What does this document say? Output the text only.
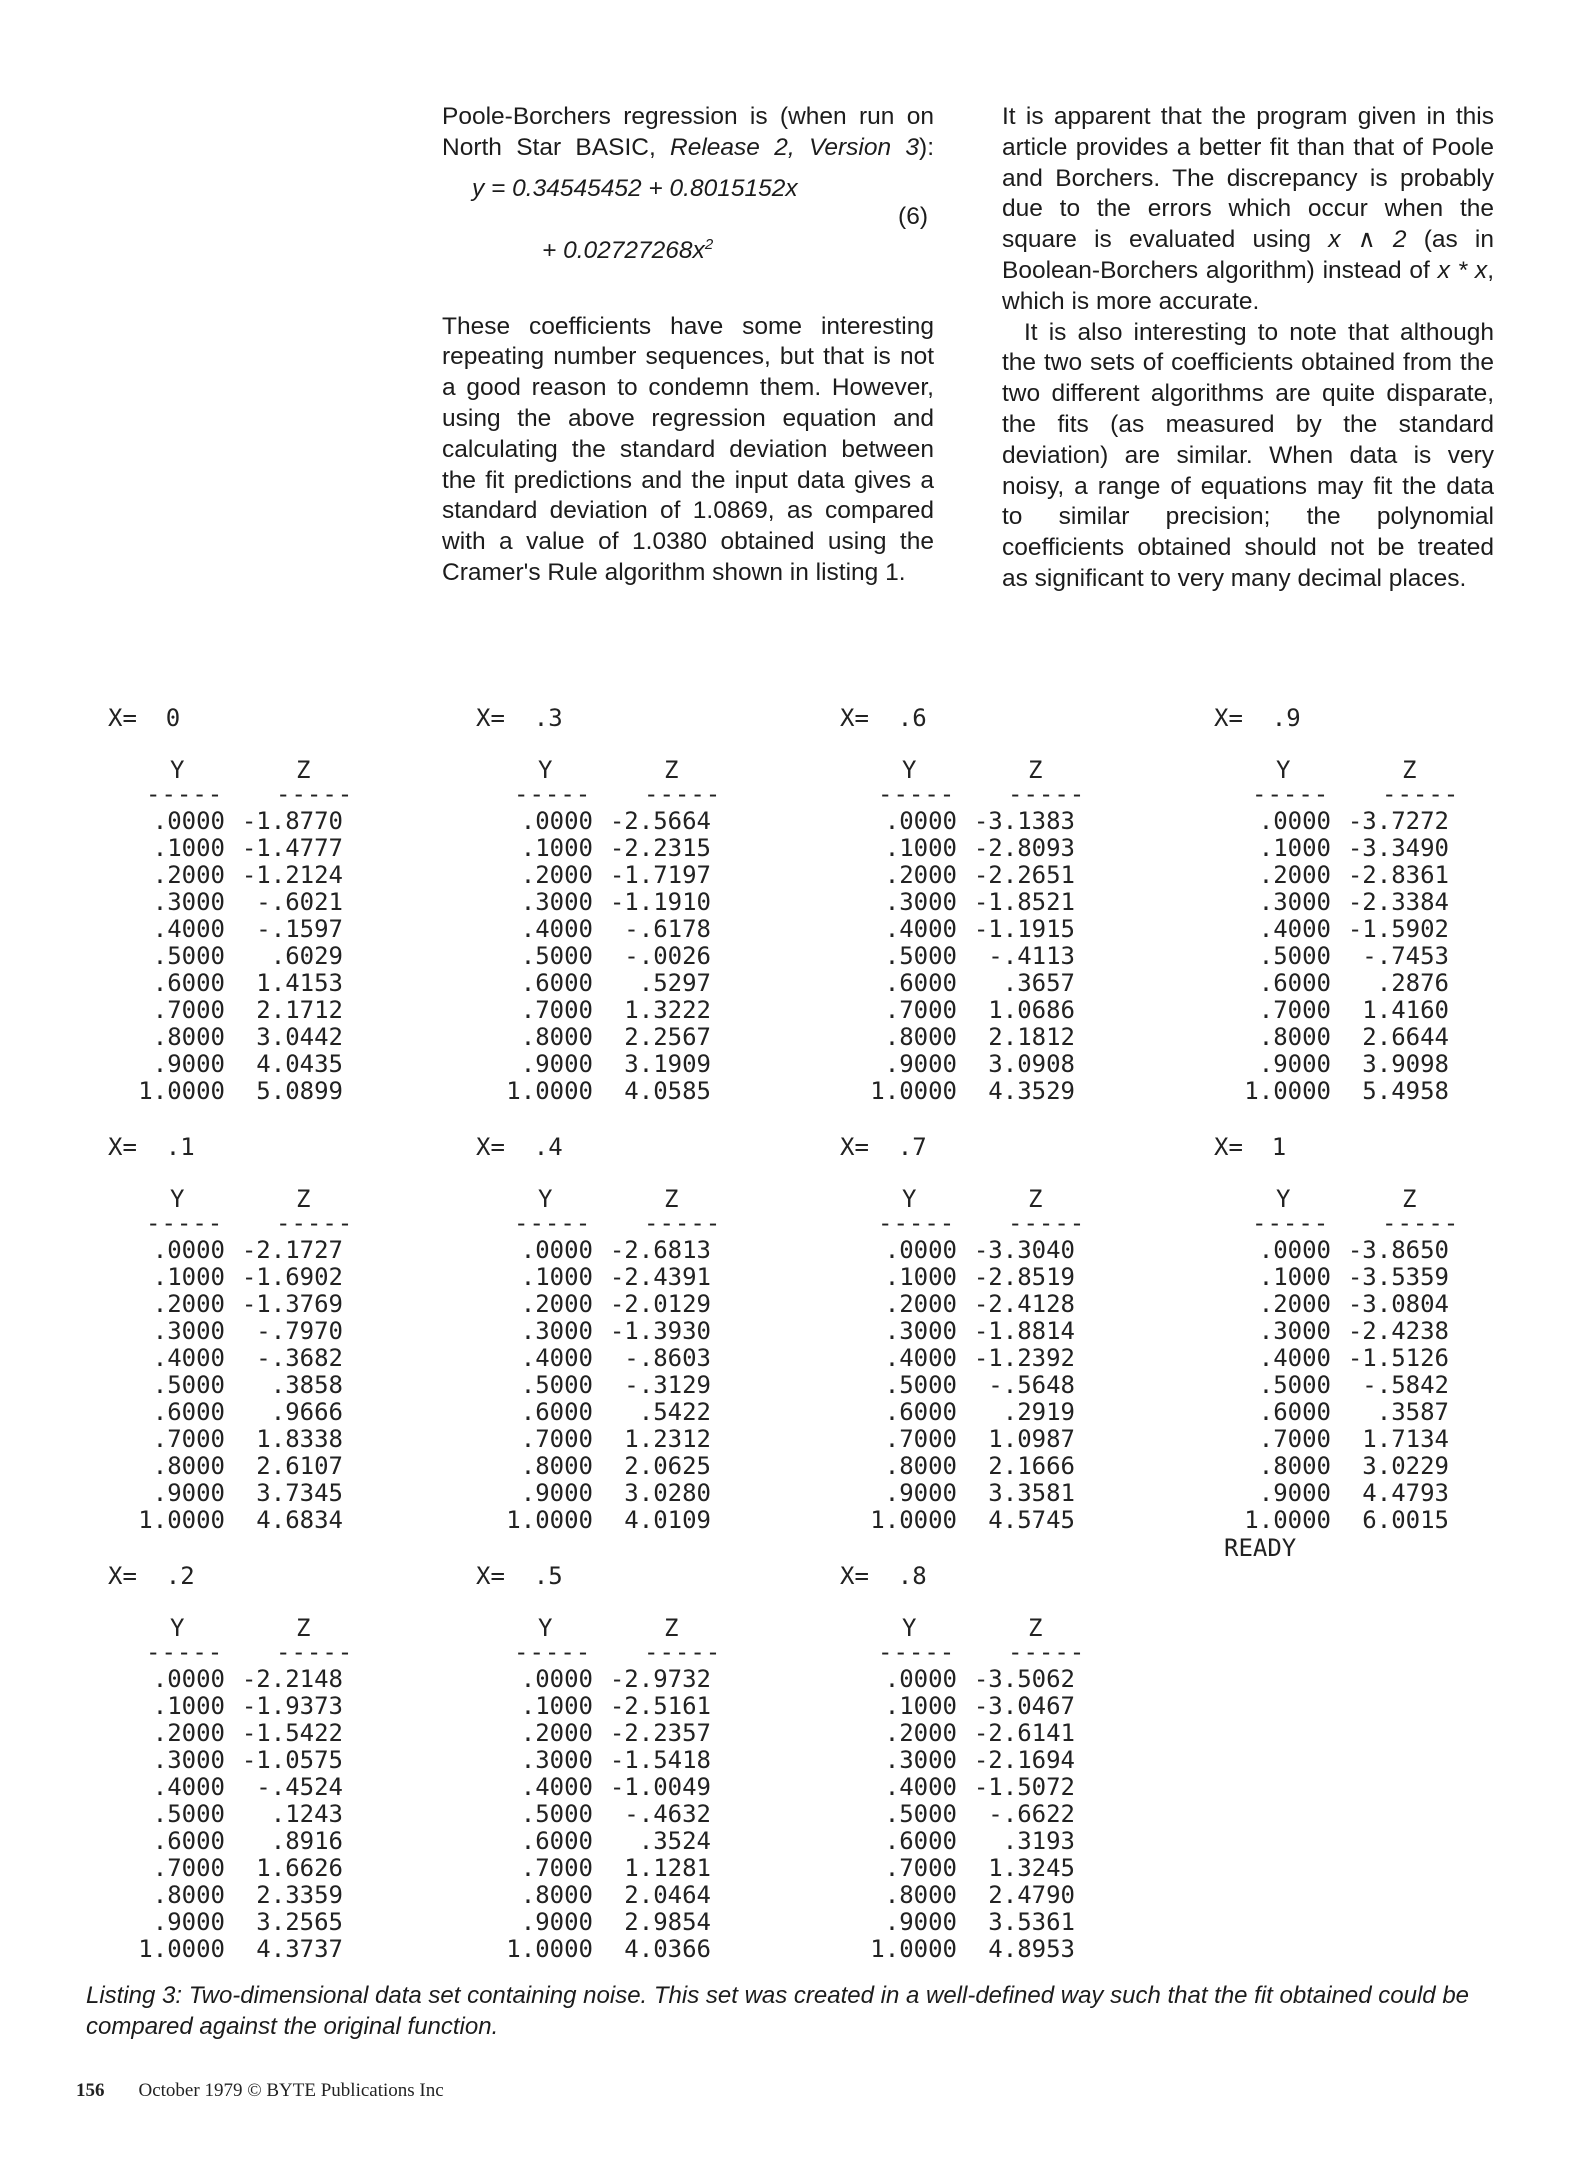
Poole-Borchers regression is (when run on North Star BASIC, Release 2, Version 3):

y = 0.34545452 + 0.8015152x
(6)
+ $0.02727268x^2$

These coefficients have some interesting repeating number sequences, but that is not a good reason to condemn them. However, using the above regression equation and calculating the standard deviation between the fit predictions and the input data gives a standard deviation of 1.0869, as compared with a value of 1.0380 obtained using the Cramer's Rule algorithm shown in listing 1.

It is apparent that the program given in this article provides a better fit than that of Poole and Borchers. The discrepancy is probably due to the errors which occur when the square is evaluated using x ∧ 2 (as in Boolean-Borchers algorithm) instead of x * x, which is more accurate.

It is also interesting to note that although the two sets of coefficients obtained from the two different algorithms are quite disparate, the fits (as measured by the standard deviation) are similar. When data is very noisy, a range of equations may fit the data to similar precision; the polynomial coefficients obtained should not be treated as significant to very many decimal places.

X=  0
Y	Z
----- -----
.0000 -1.8770
.1000 -1.4777
.2000 -1.2124
.3000 -.6021
.4000 -.1597
.5000 .6029
.6000 1.4153
.7000 2.1712
.8000 3.0442
.9000 4.0435
1.0000 5.0899
X=  .1
Y	Z
----- -----
.0000 -2.1727
.1000 -1.6902
.2000 -1.3769
.3000 -.7970
.4000 -.3682
.5000 .3858
.6000 .9666
.7000 1.8338
.8000 2.6107
.9000 3.7345
1.0000 4.6834
X=  .2
Y	Z
----- -----
.0000 -2.2148
.1000 -1.9373
.2000 -1.5422
.3000 -1.0575
.4000 -.4524
.5000 .1243
.6000 .8916
.7000 1.6626
.8000 2.3359
.9000 3.2565
1.0000 4.3737
X=  .3
Y	Z
----- -----
.0000 -2.5664
.1000 -2.2315
.2000 -1.7197
.3000 -1.1910
.4000 -.6178
.5000 -.0026
.6000 .5297
.7000 1.3222
.8000 2.2567
.9000 3.1909
1.0000 4.0585
X=  .4
Y	Z
----- -----
.0000 -2.6813
.1000 -2.4391
.2000 -2.0129
.3000 -1.3930
.4000 -.8603
.5000 -.3129
.6000 .5422
.7000 1.2312
.8000 2.0625
.9000 3.0280
1.0000 4.0109
X=  .5
Y	Z
----- -----
.0000 -2.9732
.1000 -2.5161
.2000 -2.2357
.3000 -1.5418
.4000 -1.0049
.5000 -.4632
.6000 .3524
.7000 1.1281
.8000 2.0464
.9000 2.9854
1.0000 4.0366
X=  .6
Y	Z
----- -----
.0000 -3.1383
.1000 -2.8093
.2000 -2.2651
.3000 -1.8521
.4000 -1.1915
.5000 -.4113
.6000 .3657
.7000 1.0686
.8000 2.1812
.9000 3.0908
1.0000 4.3529
X=  .7
Y	Z
----- -----
.0000 -3.3040
.1000 -2.8519
.2000 -2.4128
.3000 -1.8814
.4000 -1.2392
.5000 -.5648
.6000 .2919
.7000 1.0987
.8000 2.1666
.9000 3.3581
1.0000 4.5745
X=  .8
Y	Z
----- -----
.0000 -3.5062
.1000 -3.0467
.2000 -2.6141
.3000 -2.1694
.4000 -1.5072
.5000 -.6622
.6000 .3193
.7000 1.3245
.8000 2.4790
.9000 3.5361
1.0000 4.8953
X=  .9
Y	Z
----- -----
.0000 -3.7272
.1000 -3.3490
.2000 -2.8361
.3000 -2.3384
.4000 -1.5902
.5000 -.7453
.6000 .2876
.7000 1.4160
.8000 2.6644
.9000 3.9098
1.0000 5.4958
X=  1
Y	Z
----- -----
.0000 -3.8650
.1000 -3.5359
.2000 -3.0804
.3000 -2.4238
.4000 -1.5126
.5000 -.5842
.6000 .3587
.7000 1.7134
.8000 3.0229
.9000 4.4793
1.0000 6.0015
READY
Listing 3: Two-dimensional data set containing noise. This set was created in a well-defined way such that the fit obtained could be compared against the original function.
156 October 1979 © BYTE Publications Inc
